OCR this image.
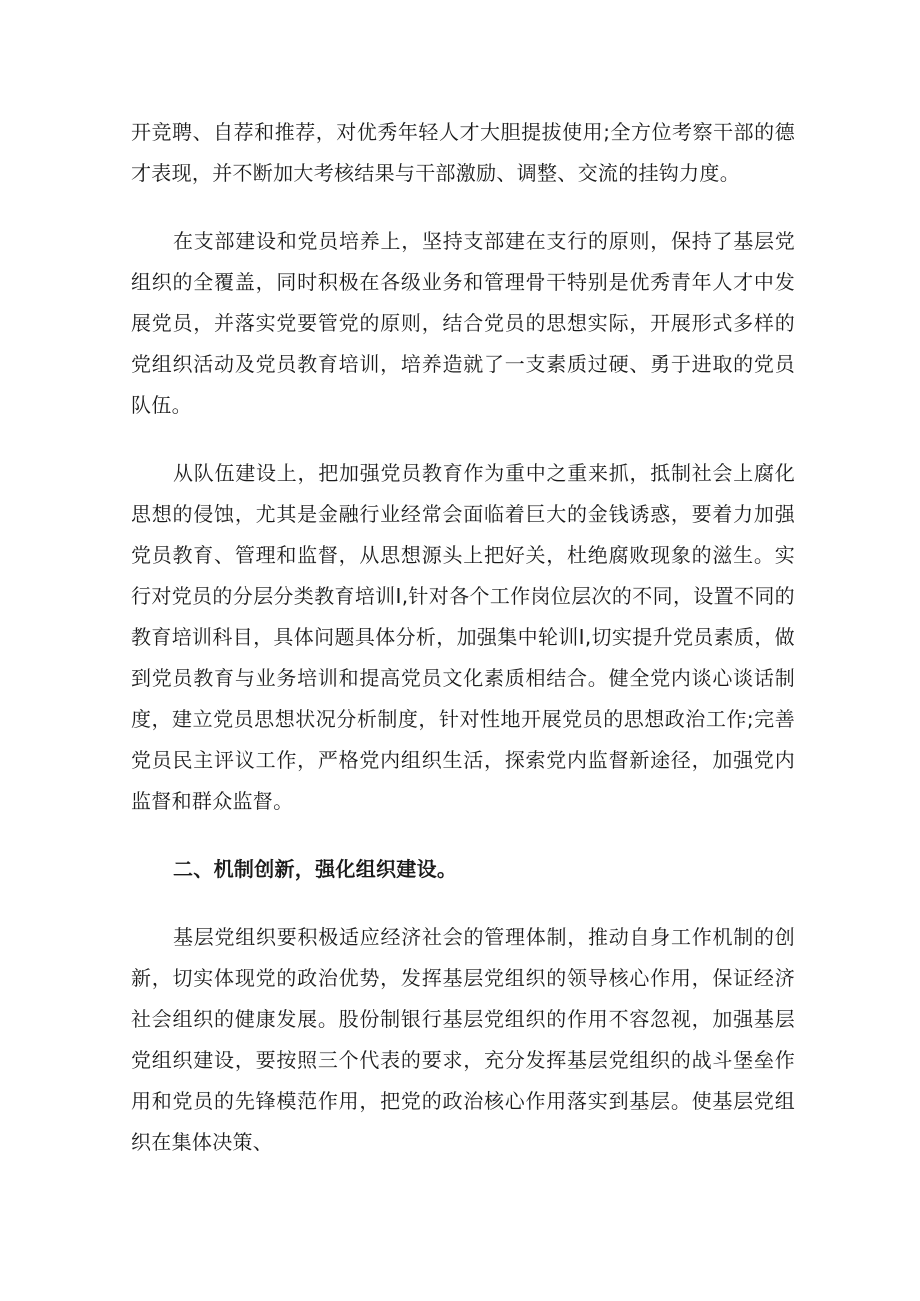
开竞聘、自荐和推荐，对优秀年轻人才大胆提拔使用;全方位考察干部的德才表现，并不断加大考核结果与干部激励、调整、交流的挂钩力度。

在支部建设和党员培养上，坚持支部建在支行的原则，保持了基层党组织的全覆盖，同时积极在各级业务和管理骨干特别是优秀青年人才中发展党员，并落实党要管党的原则，结合党员的思想实际，开展形式多样的党组织活动及党员教育培训，培养造就了一支素质过硬、勇于进取的党员队伍。

从队伍建设上，把加强党员教育作为重中之重来抓，抵制社会上腐化思想的侵蚀，尤其是金融行业经常会面临着巨大的金钱诱惑，要着力加强党员教育、管理和监督，从思想源头上把好关，杜绝腐败现象的滋生。实行对党员的分层分类教育培训I,针对各个工作岗位层次的不同，设置不同的教育培训科目，具体问题具体分析，加强集中轮训I,切实提升党员素质，做到党员教育与业务培训和提高党员文化素质相结合。健全党内谈心谈话制度，建立党员思想状况分析制度，针对性地开展党员的思想政治工作;完善党员民主评议工作，严格党内组织生活，探索党内监督新途径，加强党内监督和群众监督。

二、机制创新，强化组织建设。

基层党组织要积极适应经济社会的管理体制，推动自身工作机制的创新，切实体现党的政治优势，发挥基层党组织的领导核心作用，保证经济社会组织的健康发展。股份制银行基层党组织的作用不容忽视，加强基层党组织建设，要按照三个代表的要求，充分发挥基层党组织的战斗堡垒作用和党员的先锋模范作用，把党的政治核心作用落实到基层。使基层党组织在集体决策、
